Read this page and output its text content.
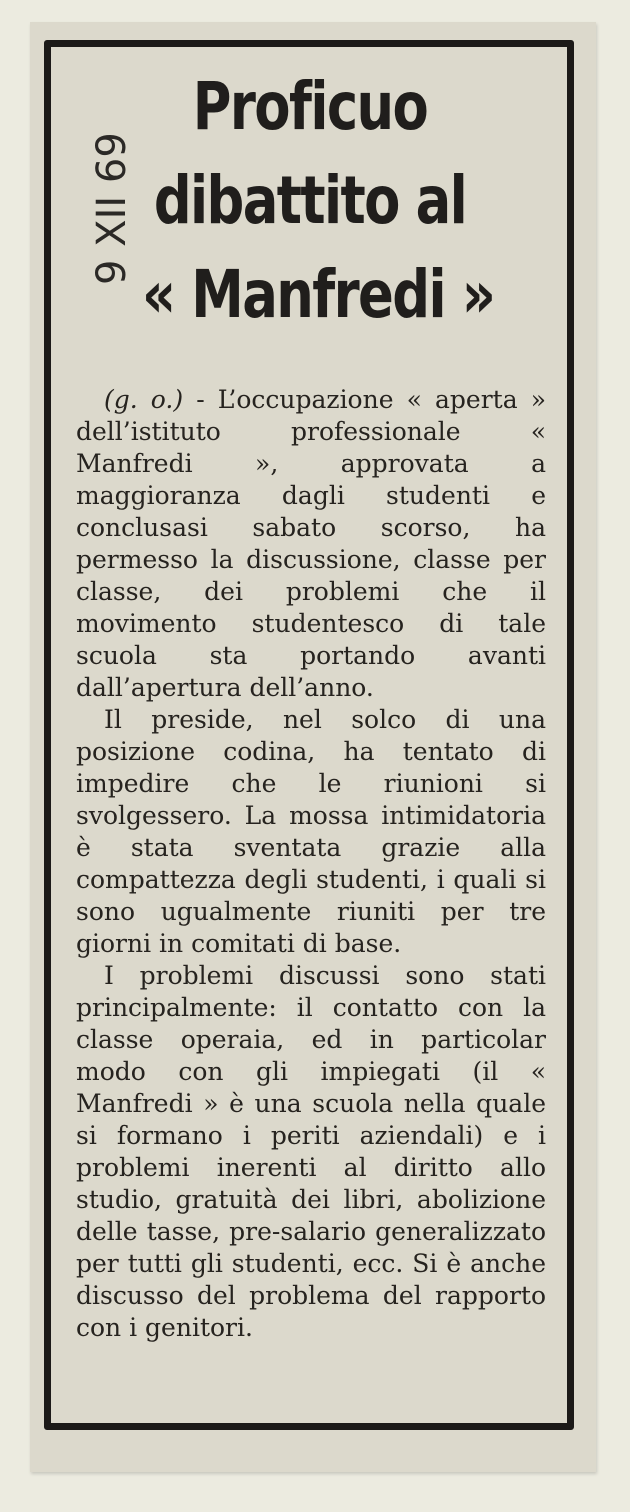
Proficuo
dibattito al
« Manfredi »
9 XII 69

(g. o.) - L’occupazione « aperta » dell’istituto professionale « Manfredi », approvata a maggioranza dagli studenti e conclusasi sabato scorso, ha permesso la discussione, classe per classe, dei problemi che il movimento studentesco di tale scuola sta portando avanti dall’apertura dell’anno.

Il preside, nel solco di una posizione codina, ha tentato di impedire che le riunioni si svolgessero. La mossa intimidatoria è stata sventata grazie alla compattezza degli studenti, i quali si sono ugualmente riuniti per tre giorni in comitati di base.

I problemi discussi sono stati principalmente: il contatto con la classe operaia, ed in particolar modo con gli impiegati (il « Manfredi » è una scuola nella quale si formano i periti aziendali) e i problemi inerenti al diritto allo studio, gratuità dei libri, abolizione delle tasse, pre-salario generalizzato per tutti gli studenti, ecc. Si è anche discusso del problema del rapporto con i genitori.
